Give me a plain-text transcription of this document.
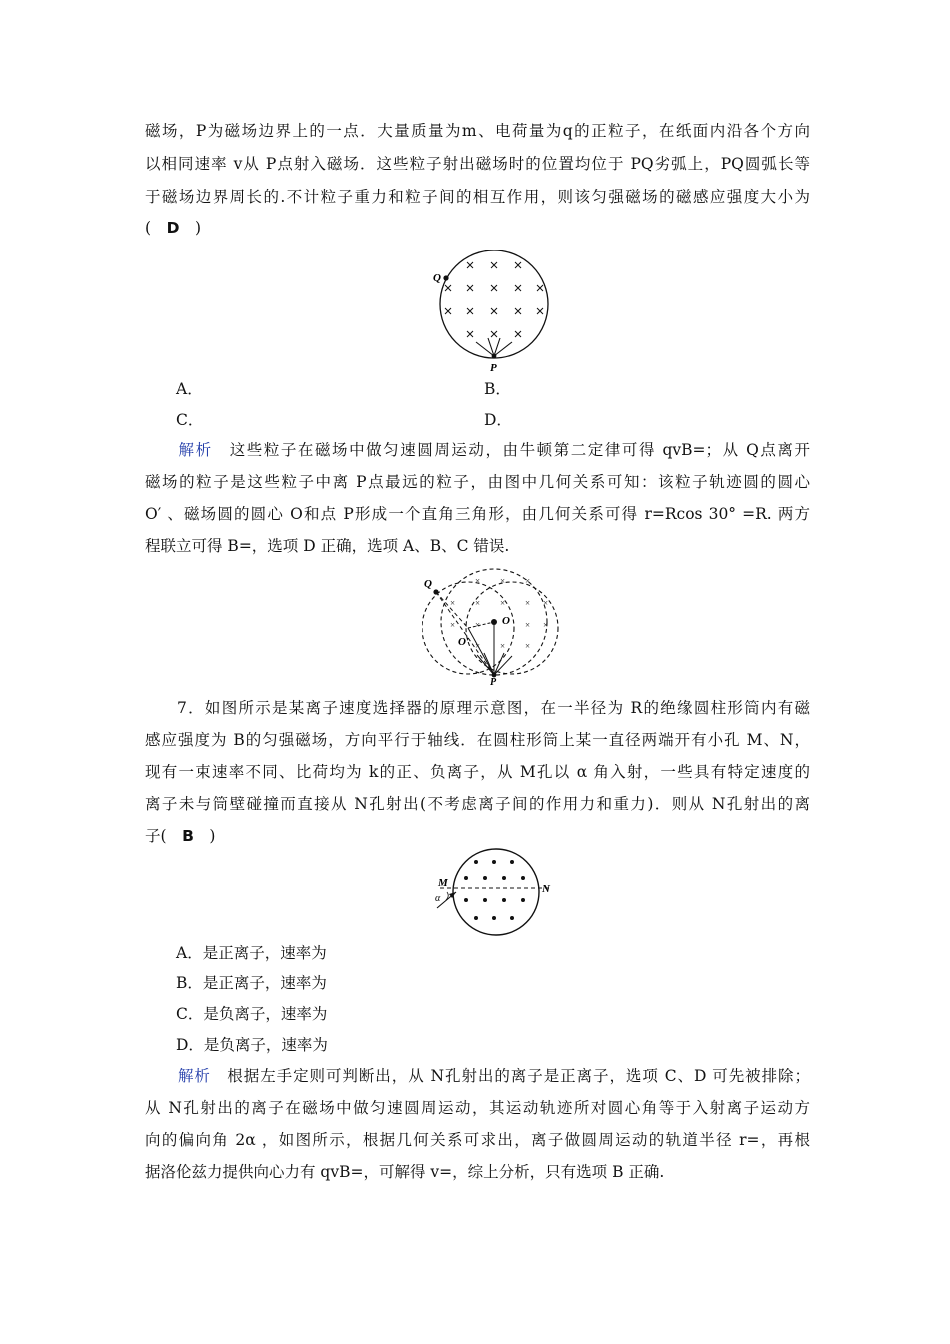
磁场，P为磁场边界上的一点．大量质量为m、电荷量为q的正粒子，在纸面内沿各个方向
以相同速率 v从 P点射入磁场．这些粒子射出磁场时的位置均位于 PQ劣弧上，PQ圆弧长等
于磁场边界周长的.不计粒子重力和粒子间的相互作用，则该匀强磁场的磁感应强度大小为
(　D　)
Q
P
A．	B．
C．	D．
解析　 这些粒子在磁场中做匀速圆周运动，由牛顿第二定律可得 qvB=；从 Q点离开
磁场的粒子是这些粒子中离 P点最远的粒子，由图中几何关系可知：该粒子轨迹圆的圆心
O′ 、磁场圆的圆心 O和点 P形成一个直角三角形，由几何关系可得 r=Rcos 30° =R. 两方
程联立可得 B=，选项 D 正确，选项 A、B、C 错误.
× × ×
× × × × ×
× ×	× ×
× × ×
Q
O
O′
P
7．如图所示是某离子速度选择器的原理示意图，在一半径为 R的绝缘圆柱形筒内有磁
感应强度为 B的匀强磁场，方向平行于轴线．在圆柱形筒上某一直径两端开有小孔 M、N，
现有一束速率不同、比荷均为 k的正、负离子，从 M孔以 α 角入射，一些具有特定速度的
离子未与筒壁碰撞而直接从 N孔射出(不考虑离子间的作用力和重力)．则从 N孔射出的离
子(　B　)
M	N
α
A．是正离子，速率为
B．是正离子，速率为
C．是负离子，速率为
D．是负离子，速率为
解析　 根据左手定则可判断出，从 N孔射出的离子是正离子，选项 C、D 可先被排除；
从 N孔射出的离子在磁场中做匀速圆周运动，其运动轨迹所对圆心角等于入射离子运动方
向的偏向角 2α ，如图所示，根据几何关系可求出，离子做圆周运动的轨道半径 r=，再根
据洛伦兹力提供向心力有 qvB=，可解得 v=，综上分析，只有选项 B 正确.
